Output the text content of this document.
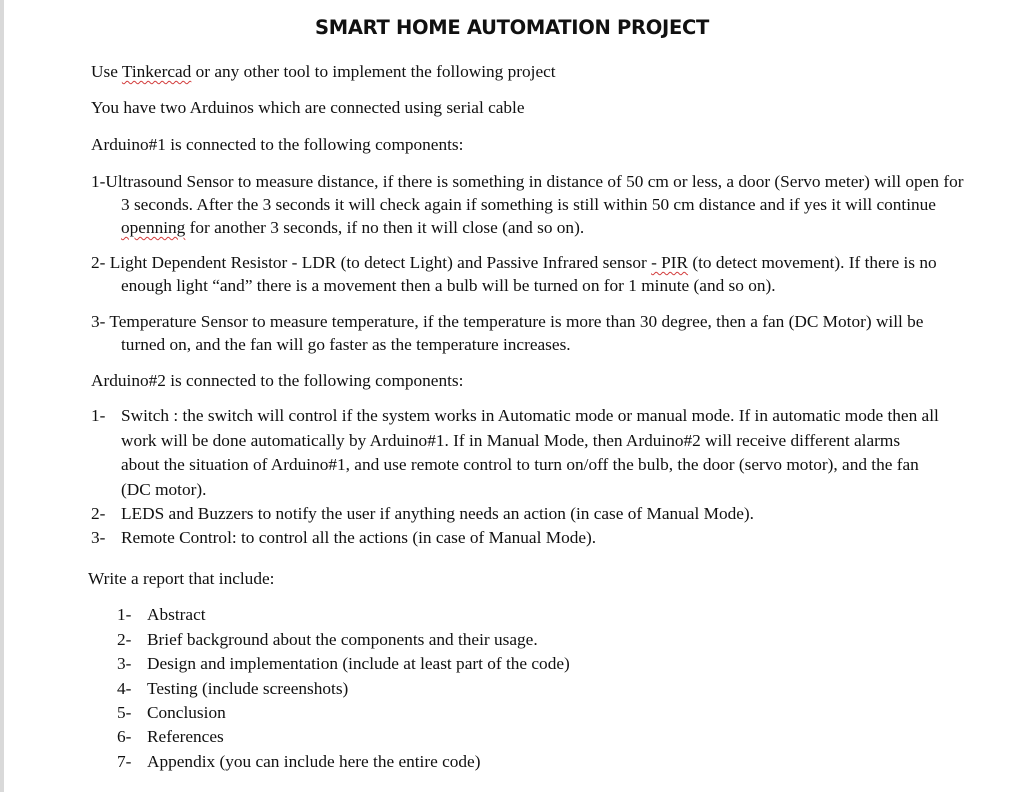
SMART HOME AUTOMATION PROJECT

Use Tinkercad or any other tool to implement the following project

You have two Arduinos which are connected using serial cable

Arduino#1 is connected to the following components:

1-Ultrasound Sensor to measure distance, if there is something in distance of 50 cm or less, a door (Servo meter) will open for 3 seconds. After the 3 seconds it will check again if something is still within 50 cm distance and if yes it will continue openning for another 3 seconds, if no then it will close (and so on).

2- Light Dependent Resistor - LDR (to detect Light) and Passive Infrared sensor - PIR (to detect movement). If there is no enough light “and” there is a movement then a bulb will be turned on for 1 minute (and so on).

3- Temperature Sensor to measure temperature, if the temperature is more than 30 degree, then a fan (DC Motor) will be turned on, and the fan will go faster as the temperature increases.

Arduino#2 is connected to the following components:

1- Switch : the switch will control if the system works in Automatic mode or manual mode. If in automatic mode then all work will be done automatically by Arduino#1. If in Manual Mode, then Arduino#2 will receive different alarms about the situation of Arduino#1, and use remote control to turn on/off the bulb, the door (servo motor), and the fan (DC motor).
2- LEDS and Buzzers to notify the user if anything needs an action (in case of Manual Mode).
3- Remote Control: to control all the actions (in case of Manual Mode).

Write a report that include:

1- Abstract
2- Brief background about the components and their usage.
3- Design and implementation (include at least part of the code)
4- Testing (include screenshots)
5- Conclusion
6- References
7- Appendix (you can include here the entire code)
